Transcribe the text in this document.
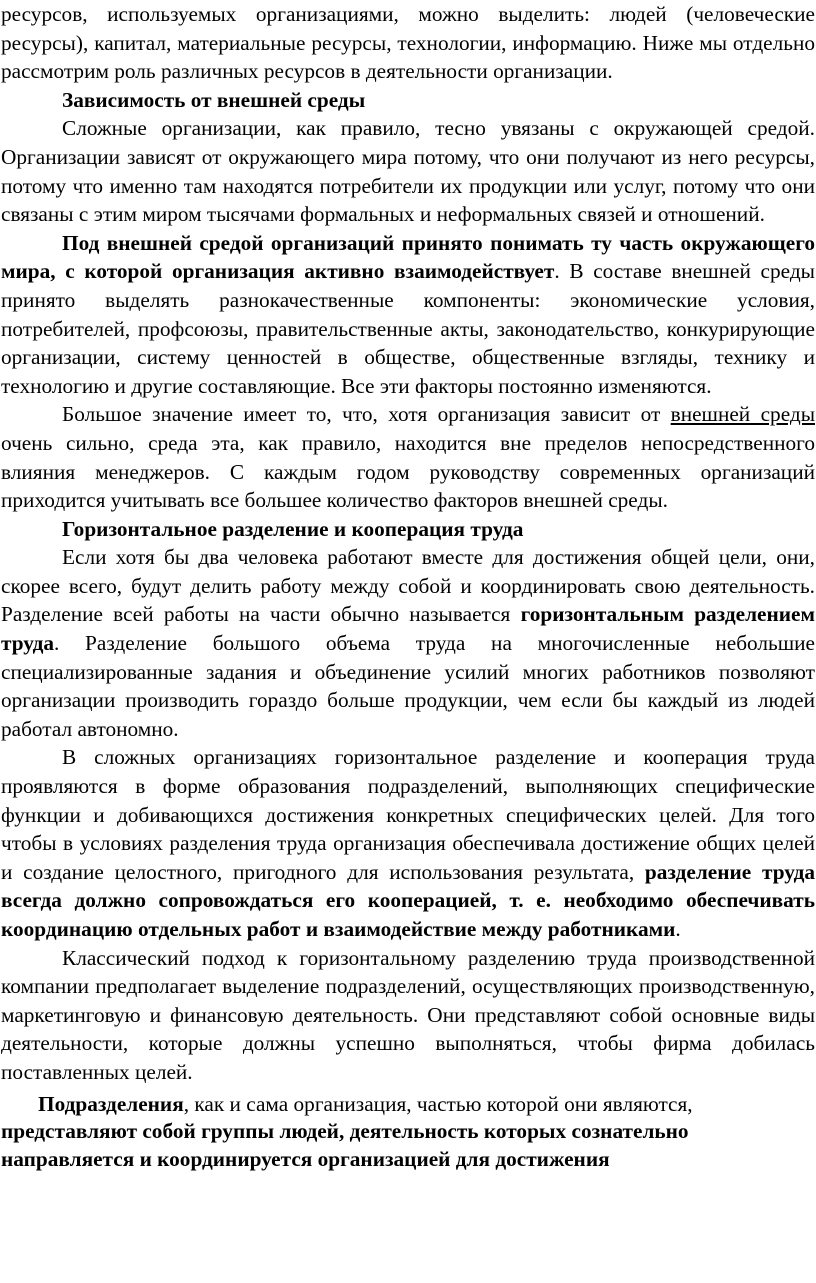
ресурсов, используемых организациями, можно выделить: людей (человеческие ресурсы), капитал, материальные ресурсы, технологии, информацию. Ниже мы отдельно рассмотрим роль различных ресурсов в деятельности организации.

Зависимость от внешней среды

Сложные организации, как правило, тесно увязаны с окружающей средой. Организации зависят от окружающего мира потому, что они получают из него ресурсы, потому что именно там находятся потребители их продукции или услуг, потому что они связаны с этим миром тысячами формальных и неформальных связей и отношений.

Под внешней средой организаций принято понимать ту часть окружающего мира, с которой организация активно взаимодействует. В составе внешней среды принято выделять разнокачественные компоненты: экономические условия, потребителей, профсоюзы, правительственные акты, законодательство, конкурирующие организации, систему ценностей в обществе, общественные взгляды, технику и технологию и другие составляющие. Все эти факторы постоянно изменяются.

Большое значение имеет то, что, хотя организация зависит от внешней среды очень сильно, среда эта, как правило, находится вне пределов непосредственного влияния менеджеров. С каждым годом руководству современных организаций приходится учитывать все большее количество факторов внешней среды.

Горизонтальное разделение и кооперация труда

Если хотя бы два человека работают вместе для достижения общей цели, они, скорее всего, будут делить работу между собой и координировать свою деятельность. Разделение всей работы на части обычно называется горизонтальным разделением труда. Разделение большого объема труда на многочисленные небольшие специализированные задания и объединение усилий многих работников позволяют организации производить гораздо больше продукции, чем если бы каждый из людей работал автономно.

В сложных организациях горизонтальное разделение и кооперация труда проявляются в форме образования подразделений, выполняющих специфические функции и добивающихся достижения конкретных специфических целей. Для того чтобы в условиях разделения труда организация обеспечивала достижение общих целей и создание целостного, пригодного для использования результата, разделение труда всегда должно сопровождаться его кооперацией, т. е. необходимо обеспечивать координацию отдельных работ и взаимодействие между работниками.

Классический подход к горизонтальному разделению труда производственной компании предполагает выделение подразделений, осуществляющих производственную, маркетинговую и финансовую деятельность. Они представляют собой основные виды деятельности, которые должны успешно выполняться, чтобы фирма добилась поставленных целей.

Подразделения, как и сама организация, частью которой они являются, представляют собой группы людей, деятельность которых сознательно направляется и координируется организацией для достижения
